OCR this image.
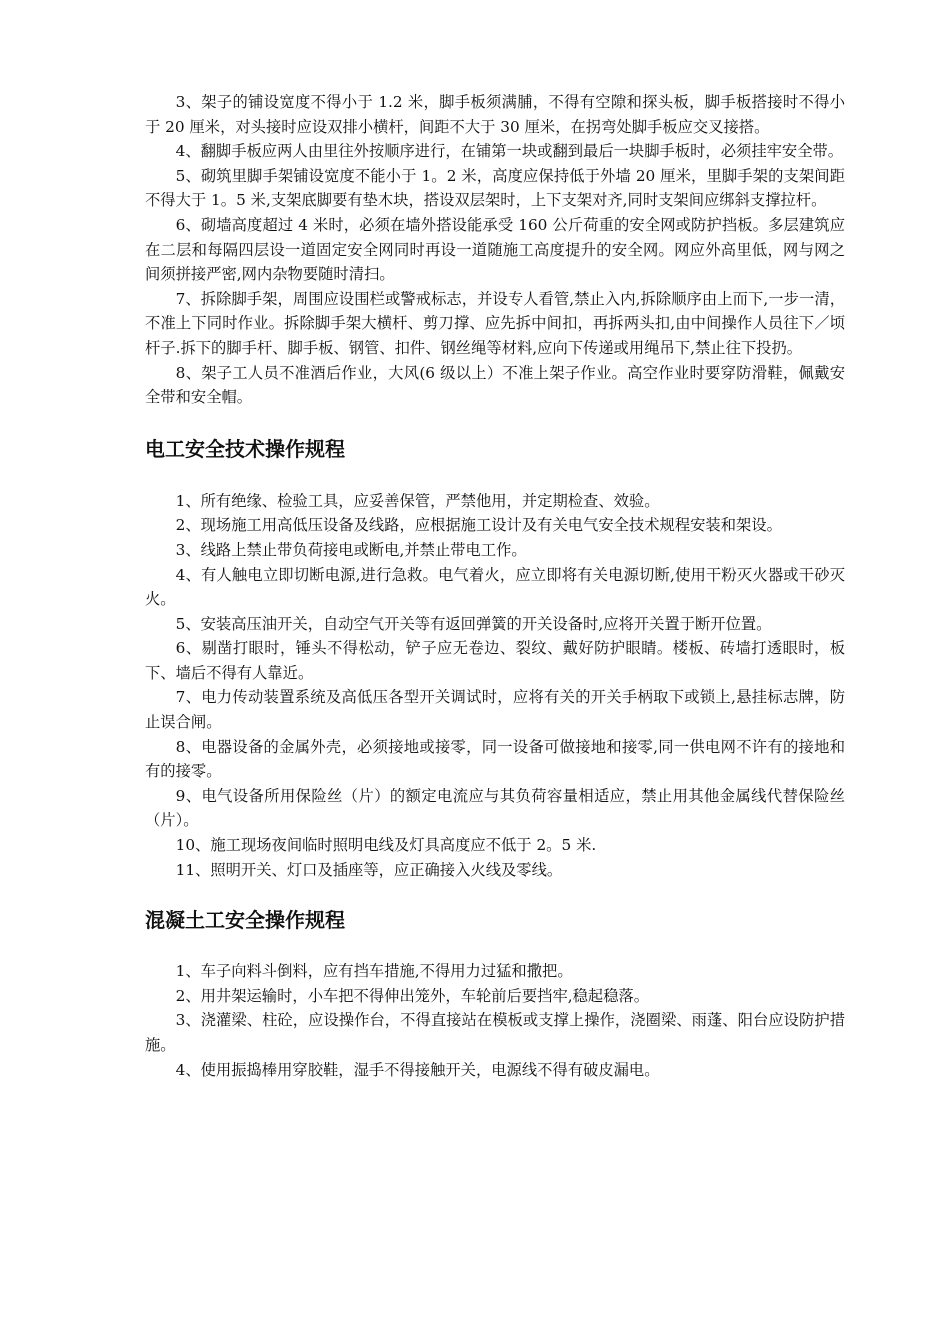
3、架子的铺设宽度不得小于 1.2 米，脚手板须满脯，不得有空隙和探头板，脚手板搭接时不得小于 20 厘米，对头接时应设双排小横杆，间距不大于 30 厘米，在拐弯处脚手板应交叉接搭。

4、翻脚手板应两人由里往外按顺序进行，在铺第一块或翻到最后一块脚手板时，必须挂牢安全带。

5、砌筑里脚手架铺设宽度不能小于 1。2 米，高度应保持低于外墙 20 厘米，里脚手架的支架间距不得大于 1。5 米,支架底脚要有垫木块，搭设双层架时，上下支架对齐,同时支架间应绑斜支撑拉杆。

6、砌墙高度超过 4 米时，必须在墙外搭设能承受 160 公斤荷重的安全网或防护挡板。多层建筑应在二层和每隔四层设一道固定安全网同时再设一道随施工高度提升的安全网。网应外高里低，网与网之间须拼接严密,网内杂物要随时清扫。

7、拆除脚手架，周围应设围栏或警戒标志，并设专人看管,禁止入内,拆除顺序由上而下,一步一清，不准上下同时作业。拆除脚手架大横杆、剪刀撑、应先拆中间扣，再拆两头扣,由中间操作人员往下／顷杆子.拆下的脚手杆、脚手板、钢管、扣件、钢丝绳等材料,应向下传递或用绳吊下,禁止往下投扔。

8、架子工人员不准酒后作业，大风(6 级以上）不准上架子作业。高空作业时要穿防滑鞋，佩戴安全带和安全帽。

电工安全技术操作规程

1、所有绝缘、检验工具，应妥善保管，严禁他用，并定期检查、效验。

2、现场施工用高低压设备及线路，应根据施工设计及有关电气安全技术规程安装和架设。

3、线路上禁止带负荷接电或断电,并禁止带电工作。

4、有人触电立即切断电源,进行急救。电气着火，应立即将有关电源切断,使用干粉灭火器或干砂灭火。

5、安装高压油开关，自动空气开关等有返回弹簧的开关设备时,应将开关置于断开位置。

6、剔凿打眼时，锤头不得松动，铲子应无卷边、裂纹、戴好防护眼睛。楼板、砖墙打透眼时，板下、墙后不得有人靠近。

7、电力传动装置系统及高低压各型开关调试时，应将有关的开关手柄取下或锁上,悬挂标志牌，防止误合闸。

8、电器设备的金属外壳，必须接地或接零，同一设备可做接地和接零,同一供电网不许有的接地和有的接零。

9、电气设备所用保险丝（片）的额定电流应与其负荷容量相适应，禁止用其他金属线代替保险丝（片）。

10、施工现场夜间临时照明电线及灯具高度应不低于 2。5 米.

11、照明开关、灯口及插座等，应正确接入火线及零线。

混凝土工安全操作规程

1、车子向料斗倒料，应有挡车措施,不得用力过猛和撒把。

2、用井架运输时，小车把不得伸出笼外，车轮前后要挡牢,稳起稳落。

3、浇灌梁、柱砼，应设操作台，不得直接站在模板或支撑上操作，浇圈梁、雨蓬、阳台应设防护措施。

4、使用振捣棒用穿胶鞋，湿手不得接触开关，电源线不得有破皮漏电。
